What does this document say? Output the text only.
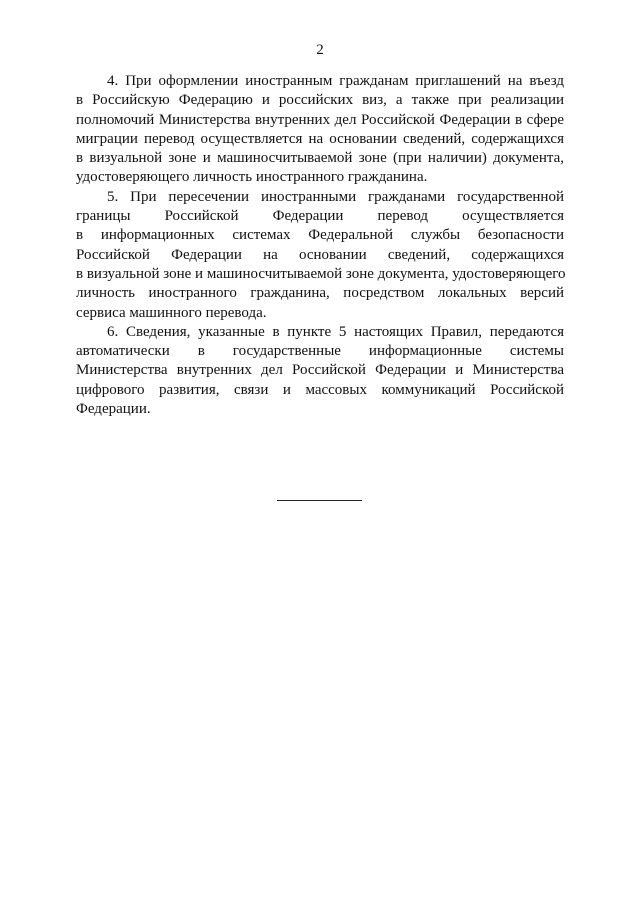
2

4. При оформлении иностранным гражданам приглашений на въезд
в Российскую Федерацию и российских виз, а также при реализации
полномочий Министерства внутренних дел Российской Федерации в сфере
миграции перевод осуществляется на основании сведений, содержащихся
в визуальной зоне и машиносчитываемой зоне (при наличии) документа,
удостоверяющего личность иностранного гражданина.

5. При пересечении иностранными гражданами государственной
границы Российской Федерации перевод осуществляется
в информационных системах Федеральной службы безопасности
Российской Федерации на основании сведений, содержащихся
в визуальной зоне и машиносчитываемой зоне документа, удостоверяющего
личность иностранного гражданина, посредством локальных версий
сервиса машинного перевода.

6. Сведения, указанные в пункте 5 настоящих Правил, передаются
автоматически в государственные информационные системы
Министерства внутренних дел Российской Федерации и Министерства
цифрового развития, связи и массовых коммуникаций Российской
Федерации.
